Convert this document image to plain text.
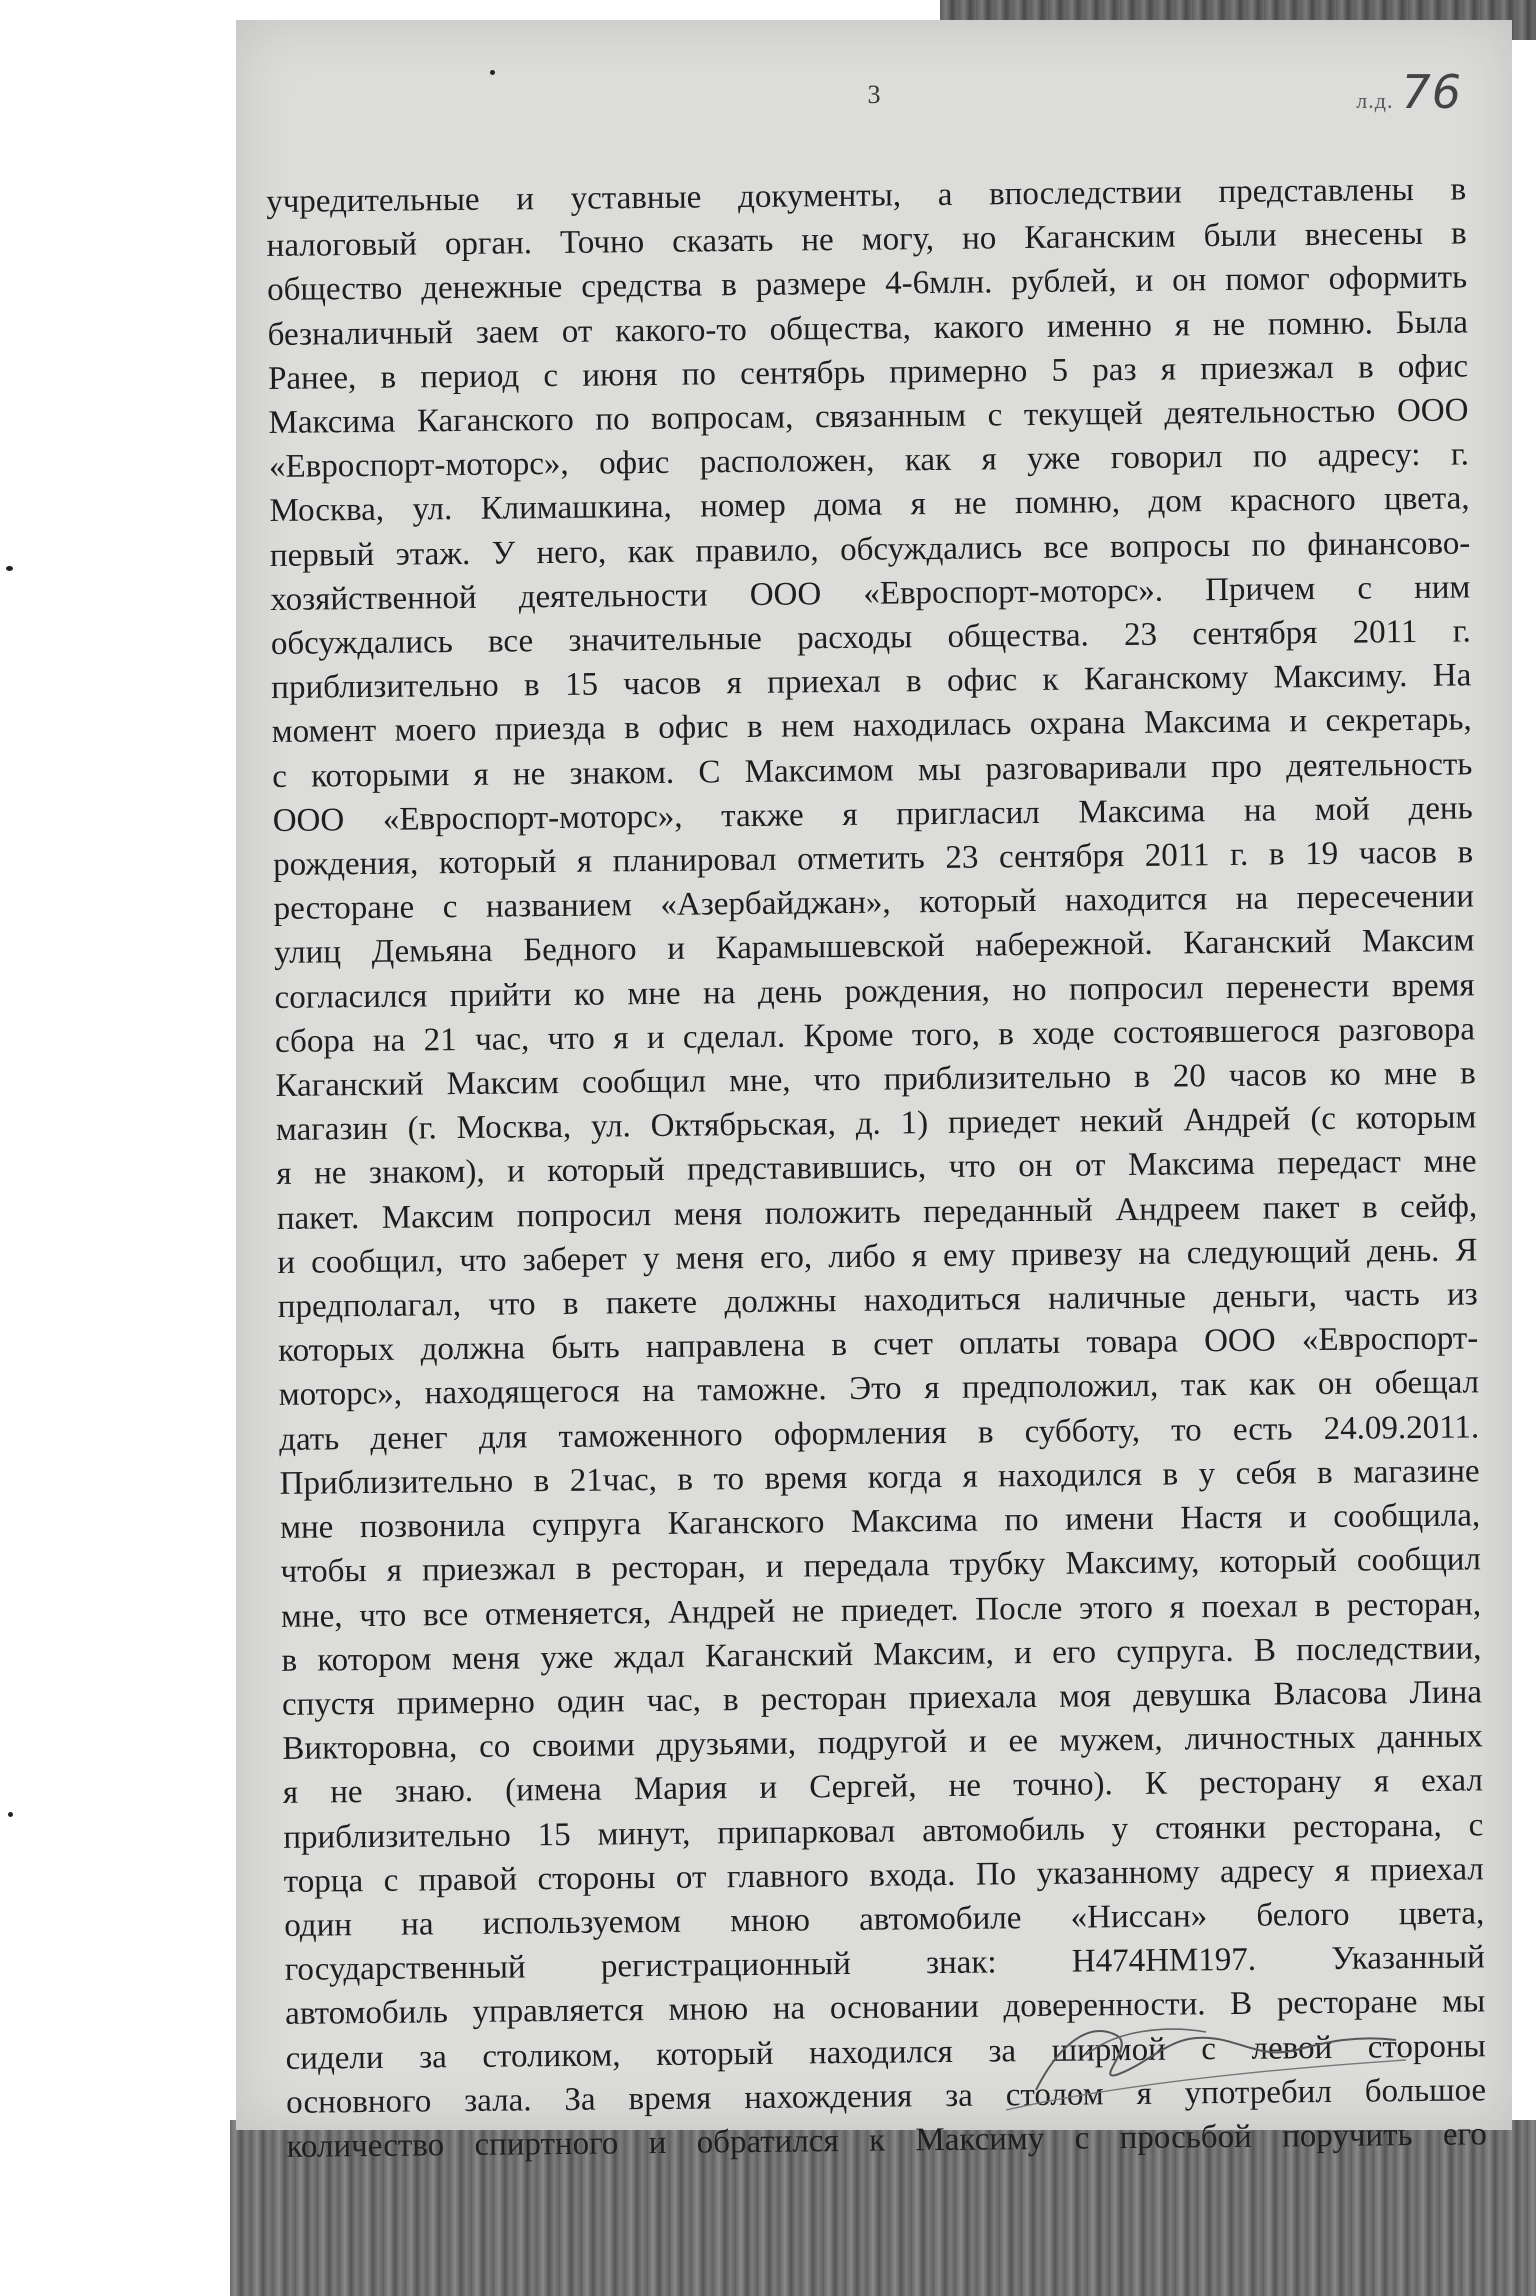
3	л.д. 76
учредительные и уставные документы, а впоследствии представлены в
налоговый орган. Точно сказать не могу, но Каганским были внесены в
общество денежные средства в размере 4-6млн. рублей, и он помог оформить
безналичный заем от какого-то общества, какого именно я не помню. Была
Ранее, в период с июня по сентябрь примерно 5 раз я приезжал в офис
Максима Каганского по вопросам, связанным с текущей деятельностью ООО
«Евроспорт-моторс», офис расположен, как я уже говорил по адресу: г.
Москва, ул. Климашкина, номер дома я не помню, дом красного цвета,
первый этаж. У него, как правило, обсуждались все вопросы по финансово-
хозяйственной деятельности ООО «Евроспорт-моторс». Причем с ним
обсуждались все значительные расходы общества. 23 сентября 2011 г.
приблизительно в 15 часов я приехал в офис к Каганскому Максиму. На
момент моего приезда в офис в нем находилась охрана Максима и секретарь,
с которыми я не знаком. С Максимом мы разговаривали про деятельность
ООО «Евроспорт-моторс», также я пригласил Максима на мой день
рождения, который я планировал отметить 23 сентября 2011 г. в 19 часов в
ресторане с названием «Азербайджан», который находится на пересечении
улиц Демьяна Бедного и Карамышевской набережной. Каганский Максим
согласился прийти ко мне на день рождения, но попросил перенести время
сбора на 21 час, что я и сделал. Кроме того, в ходе состоявшегося разговора
Каганский Максим сообщил мне, что приблизительно в 20 часов ко мне в
магазин (г. Москва, ул. Октябрьская, д. 1) приедет некий Андрей (с которым
я не знаком), и который представившись, что он от Максима передаст мне
пакет. Максим попросил меня положить переданный Андреем пакет в сейф,
и сообщил, что заберет у меня его, либо я ему привезу на следующий день. Я
предполагал, что в пакете должны находиться наличные деньги, часть из
которых должна быть направлена в счет оплаты товара ООО «Евроспорт-
моторс», находящегося на таможне. Это я предположил, так как он обещал
дать денег для таможенного оформления в субботу, то есть 24.09.2011.
Приблизительно в 21час, в то время когда я находился в у себя в магазине
мне позвонила супруга Каганского Максима по имени Настя и сообщила,
чтобы я приезжал в ресторан, и передала трубку Максиму, который сообщил
мне, что все отменяется, Андрей не приедет. После этого я поехал в ресторан,
в котором меня уже ждал Каганский Максим, и его супруга. В последствии,
спустя примерно один час, в ресторан приехала моя девушка Власова Лина
Викторовна, со своими друзьями, подругой и ее мужем, личностных данных
я не знаю. (имена Мария и Сергей, не точно). К ресторану я ехал
приблизительно 15 минут, припарковал автомобиль у стоянки ресторана, с
торца с правой стороны от главного входа. По указанному адресу я приехал
один на используемом мною автомобиле «Ниссан» белого цвета,
государственный регистрационный знак: Н474НМ197. Указанный
автомобиль управляется мною на основании доверенности. В ресторане мы
сидели за столиком, который находился за ширмой с левой стороны
основного зала. За время нахождения за столом я употребил большое
количество спиртного и обратился к Максиму с просьбой поручить его
